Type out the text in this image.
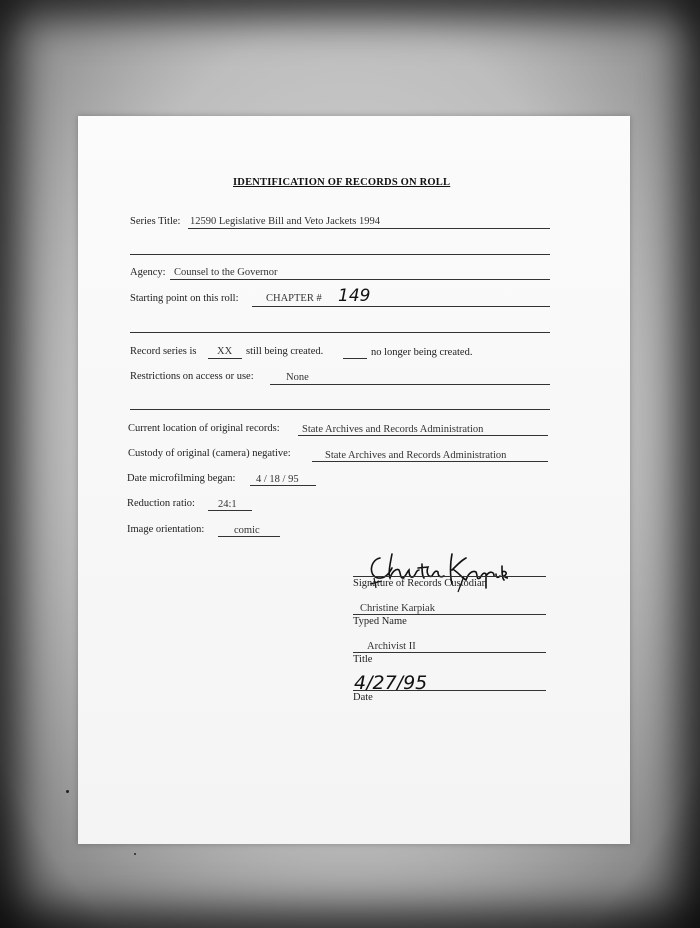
IDENTIFICATION OF RECORDS ON ROLL
Series Title: 12590 Legislative Bill and Veto Jackets 1994
Agency: Counsel to the Governor
Starting point on this roll:	CHAPTER # 149
Record series is XX still being created.	no longer being created.
Restrictions on access or use:	None
Current location of original records: State Archives and Records Administration
Custody of original (camera) negative:	State Archives and Records Administration
Date microfilming began: 4 / 18 / 95
Reduction ratio: 24:1
Image orientation:	comic
Signature of Records Custodian
Christine Karpiak
Typed Name
Archivist II
Title
4/27/95
Date
